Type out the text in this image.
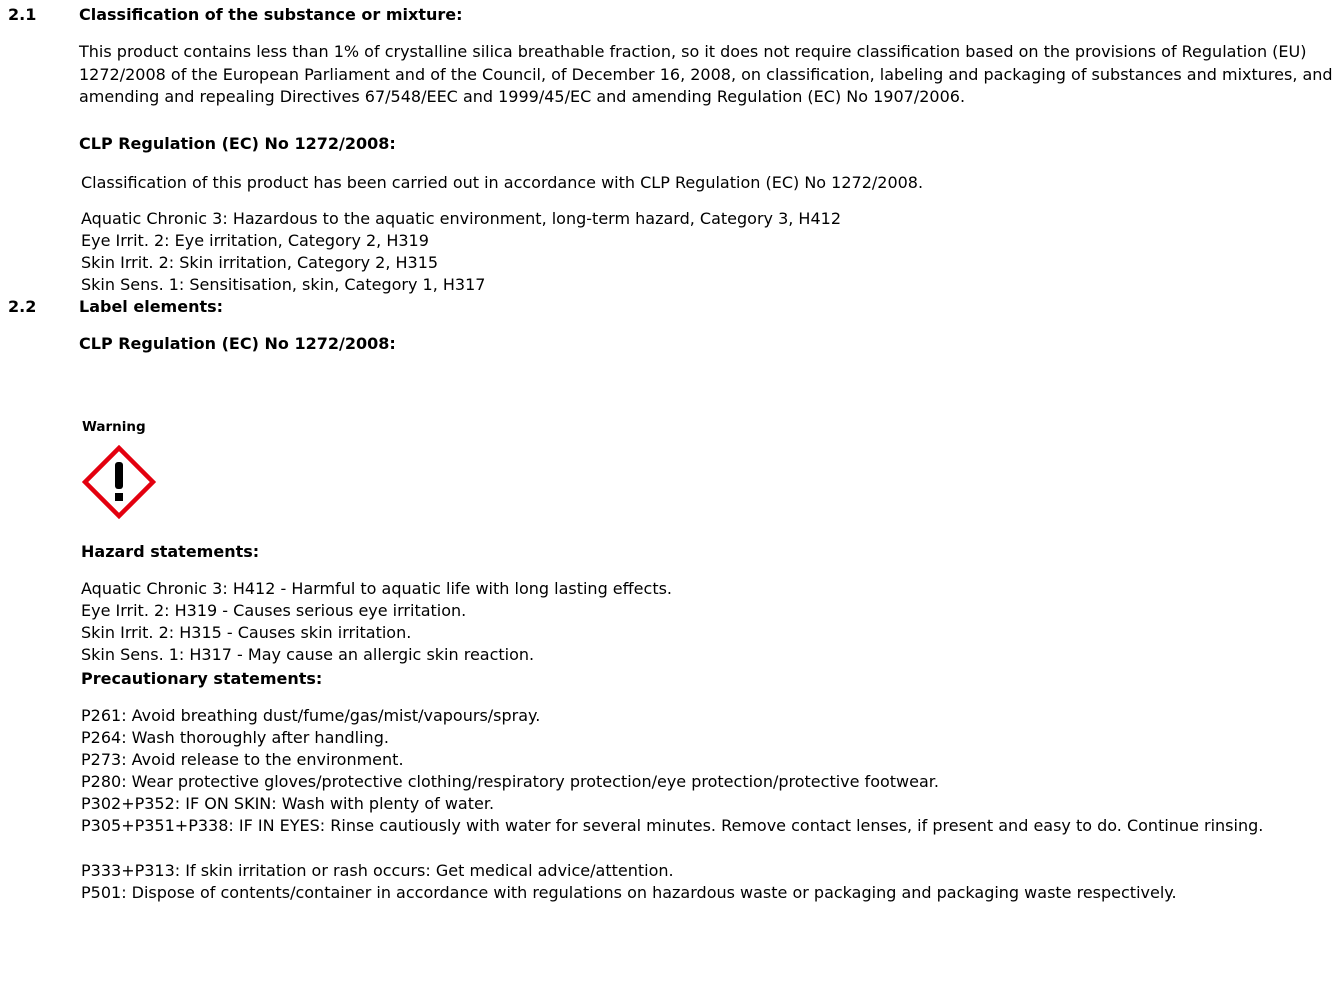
2.1	Classification of the substance or mixture:
This product contains less than 1% of crystalline silica breathable fraction, so it does not require classification based on the provisions of Regulation (EU) 1272/2008 of the European Parliament and of the Council, of December 16, 2008, on classification, labeling and packaging of substances and mixtures, and amending and repealing Directives 67/548/EEC and 1999/45/EC and amending Regulation (EC) No 1907/2006.
CLP Regulation (EC) No 1272/2008:
Classification of this product has been carried out in accordance with CLP Regulation (EC) No 1272/2008.
Aquatic Chronic 3: Hazardous to the aquatic environment, long-term hazard, Category 3, H412
Eye Irrit. 2: Eye irritation, Category 2, H319
Skin Irrit. 2: Skin irritation, Category 2, H315
Skin Sens. 1: Sensitisation, skin, Category 1, H317
2.2	Label elements:
CLP Regulation (EC) No 1272/2008:
Warning
Hazard statements:
Aquatic Chronic 3: H412 - Harmful to aquatic life with long lasting effects.
Eye Irrit. 2: H319 - Causes serious eye irritation.
Skin Irrit. 2: H315 - Causes skin irritation.
Skin Sens. 1: H317 - May cause an allergic skin reaction.
Precautionary statements:
P261: Avoid breathing dust/fume/gas/mist/vapours/spray.
P264: Wash thoroughly after handling.
P273: Avoid release to the environment.
P280: Wear protective gloves/protective clothing/respiratory protection/eye protection/protective footwear.
P302+P352: IF ON SKIN: Wash with plenty of water.
P305+P351+P338: IF IN EYES: Rinse cautiously with water for several minutes. Remove contact lenses, if present and easy to do. Continue rinsing.
P333+P313: If skin irritation or rash occurs: Get medical advice/attention.
P501: Dispose of contents/container in accordance with regulations on hazardous waste or packaging and packaging waste respectively.
